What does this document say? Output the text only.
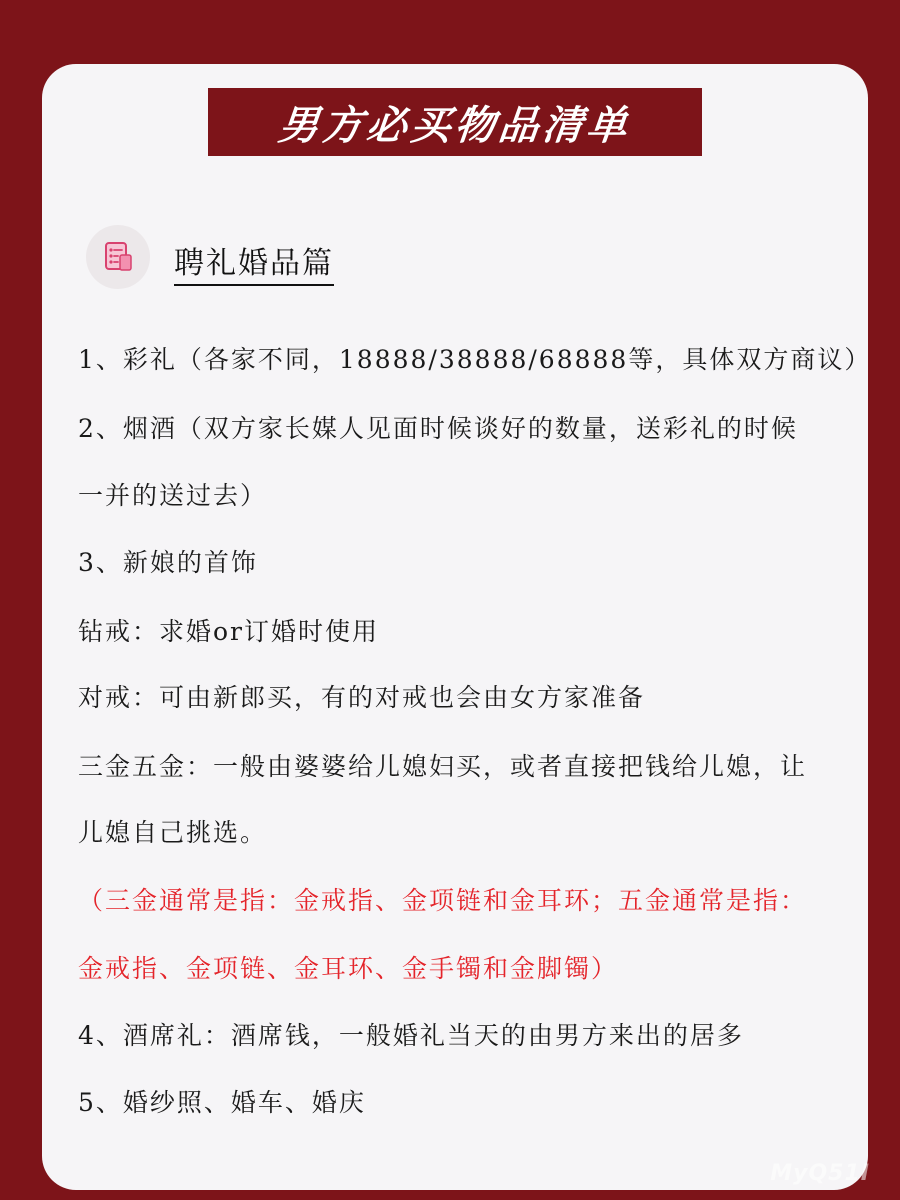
男方必买物品清单
聘礼婚品篇
1、彩礼（各家不同，18888/38888/68888等，具体双方商议）
2、烟酒（双方家长媒人见面时候谈好的数量，送彩礼的时候
一并的送过去）
3、新娘的首饰
钻戒：求婚or订婚时使用
对戒：可由新郎买，有的对戒也会由女方家准备
三金五金：一般由婆婆给儿媳妇买，或者直接把钱给儿媳，让
儿媳自己挑选。
（三金通常是指：金戒指、金项链和金耳环；五金通常是指：
金戒指、金项链、金耳环、金手镯和金脚镯）
4、酒席礼：酒席钱，一般婚礼当天的由男方来出的居多
5、婚纱照、婚车、婚庆
MyQ51I
